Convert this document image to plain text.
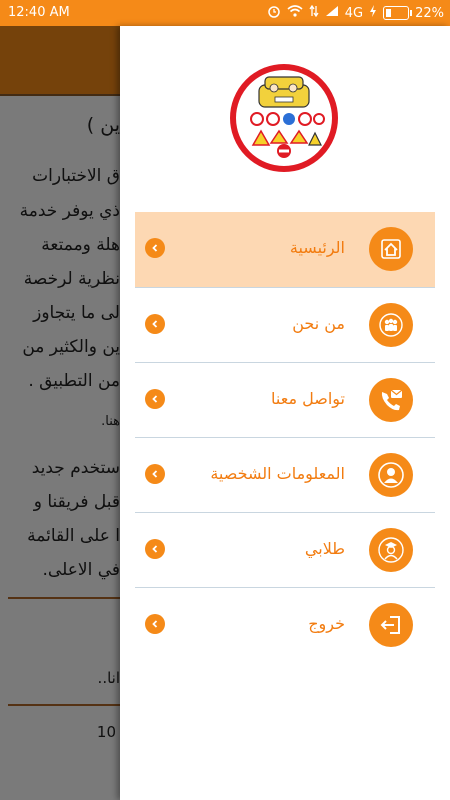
12:40 AM	4G	22%
الرئيسية
من نحن
تواصل معنا
المعلومات الشخصية
طلابي
خروج
